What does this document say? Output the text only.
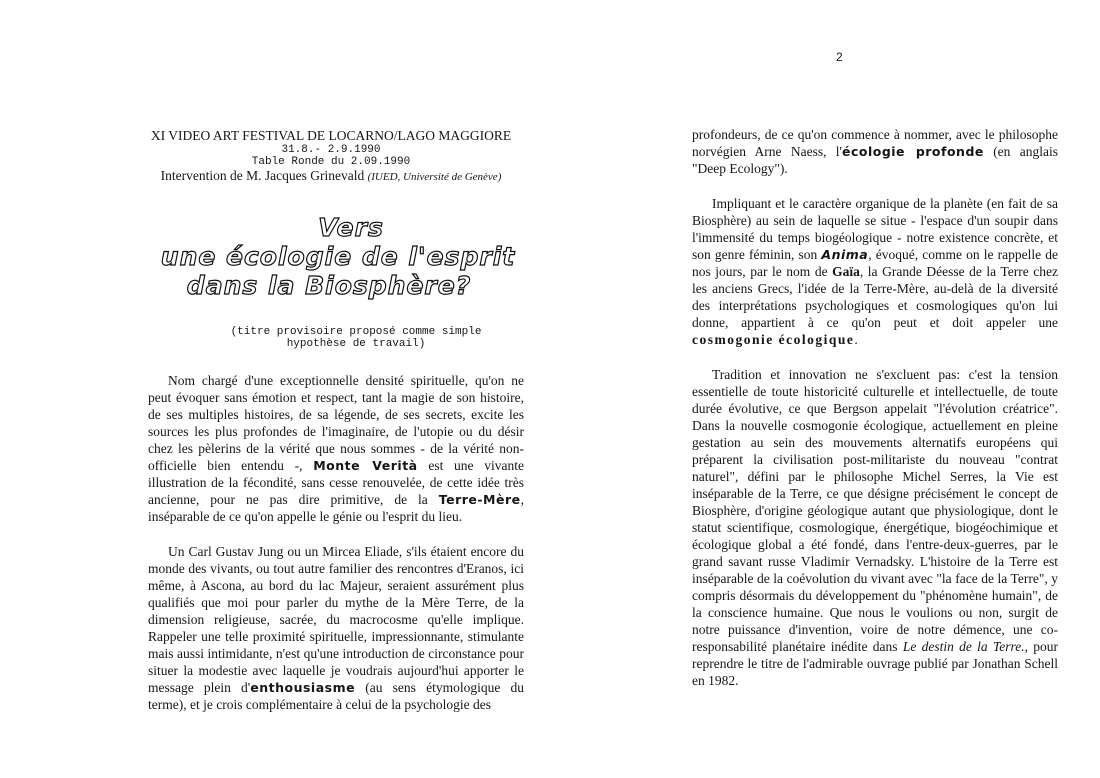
2
XI VIDEO ART FESTIVAL DE LOCARNO/LAGO MAGGIORE
31.8.- 2.9.1990
Table Ronde du 2.09.1990
Intervention de M. Jacques Grinevald (IUED, Université de Genève)
Vers
une écologie de l'esprit
dans la Biosphère?
(titre provisoire proposé comme simple
hypothèse de travail)

Nom chargé d'une exceptionnelle densité spirituelle, qu'on ne peut évoquer sans émotion et respect, tant la magie de son histoire, de ses multiples histoires, de sa légende, de ses secrets, excite les sources les plus profondes de l'imaginaire, de l'utopie ou du désir chez les pèlerins de la vérité que nous sommes - de la vérité non-officielle bien entendu -, Monte Verità est une vivante illustration de la fécondité, sans cesse renouvelée, de cette idée très ancienne, pour ne pas dire primitive, de la Terre-Mère, inséparable de ce qu'on appelle le génie ou l'esprit du lieu.

Un Carl Gustav Jung ou un Mircea Eliade, s'ils étaient encore du monde des vivants, ou tout autre familier des rencontres d'Eranos, ici même, à Ascona, au bord du lac Majeur, seraient assurément plus qualifiés que moi pour parler du mythe de la Mère Terre, de la dimension religieuse, sacrée, du macrocosme qu'elle implique. Rappeler une telle proximité spirituelle, impressionnante, stimulante mais aussi intimidante, n'est qu'une introduction de circonstance pour situer la modestie avec laquelle je voudrais aujourd'hui apporter le message plein d'enthousiasme (au sens étymologique du terme), et je crois complémentaire à celui de la psychologie des

profondeurs, de ce qu'on commence à nommer, avec le philosophe norvégien Arne Naess, l'écologie profonde (en anglais "Deep Ecology").

Impliquant et le caractère organique de la planète (en fait de sa Biosphère) au sein de laquelle se situe - l'espace d'un soupir dans l'immensité du temps biogéologique - notre existence concrète, et son genre féminin, son Anima, évoqué, comme on le rappelle de nos jours, par le nom de Gaïa, la Grande Déesse de la Terre chez les anciens Grecs, l'idée de la Terre-Mère, au-delà de la diversité des interprétations psychologiques et cosmologiques qu'on lui donne, appartient à ce qu'on peut et doit appeler une cosmogonie écologique.

Tradition et innovation ne s'excluent pas: c'est la tension essentielle de toute historicité culturelle et intellectuelle, de toute durée évolutive, ce que Bergson appelait "l'évolution créatrice". Dans la nouvelle cosmogonie écologique, actuellement en pleine gestation au sein des mouvements alternatifs européens qui préparent la civilisation post-militariste du nouveau "contrat naturel", défini par le philosophe Michel Serres, la Vie est inséparable de la Terre, ce que désigne précisément le concept de Biosphère, d'origine géologique autant que physiologique, dont le statut scientifique, cosmologique, énergétique, biogéochimique et écologique global a été fondé, dans l'entre-deux-guerres, par le grand savant russe Vladimir Vernadsky. L'histoire de la Terre est inséparable de la coévolution du vivant avec "la face de la Terre", y compris désormais du développement du "phénomène humain", de la conscience humaine. Que nous le voulions ou non, surgit de notre puissance d'invention, voire de notre démence, une co-responsabilité planétaire inédite dans Le destin de la Terre., pour reprendre le titre de l'admirable ouvrage publié par Jonathan Schell en 1982.
